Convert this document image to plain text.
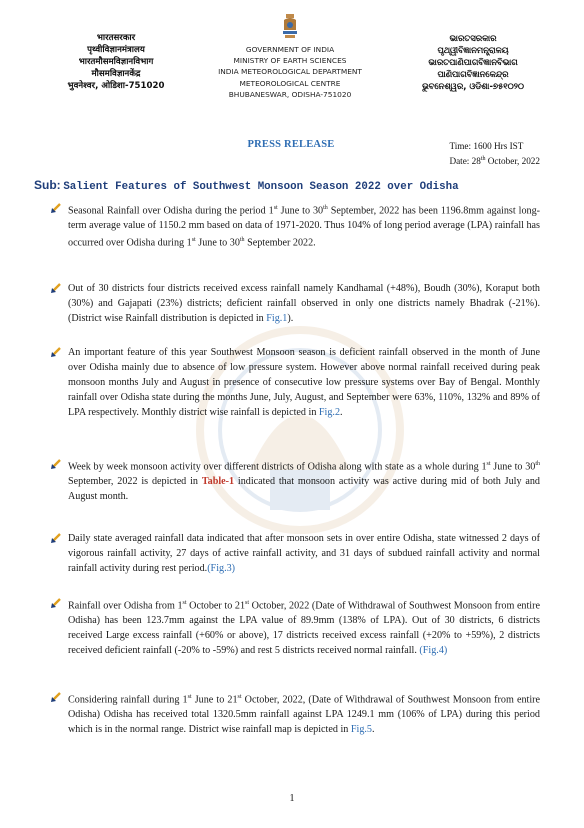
भारतसरकार
पृथ्वीविज्ञानमंत्रालय
भारतमौसमविज्ञानविभाग
मौसमविज्ञानकेंद्र
भुवनेश्वर, ओडिशा-751020
GOVERNMENT OF INDIA
MINISTRY OF EARTH SCIENCES
INDIA METEOROLOGICAL DEPARTMENT
METEOROLOGICAL CENTRE
BHUBANESWAR, ODISHA-751020
ଭାରତସରକାର
ପୃଥ୍ୱୀବିଜ୍ଞାନମନ୍ତ୍ରାଳୟ
ଭାରତପାଣିପାଗବିଜ୍ଞାନବିଭାଗ
ପାଣିପାଗବିଜ୍ଞାନକେନ୍ଦ୍ର
ଭୁବନେଶ୍ୱର, ଓଡିଶା-୭୫୧୦୨୦
PRESS RELEASE	Time: 1600 Hrs IST
Date: 28th October, 2022
Sub: Salient Features of Southwest Monsoon Season 2022 over Odisha
Seasonal Rainfall over Odisha during the period 1st June to 30th September, 2022 has been 1196.8mm against long-term average value of 1150.2 mm based on data of 1971-2020. Thus 104% of long period average (LPA) rainfall has occurred over Odisha during 1st June to 30th September 2022.
Out of 30 districts four districts received excess rainfall namely Kandhamal (+48%), Boudh (30%), Koraput both (30%) and Gajapati (23%) districts; deficient rainfall observed in only one districts namely Bhadrak (-21%). (District wise Rainfall distribution is depicted in Fig.1).
An important feature of this year Southwest Monsoon season is deficient rainfall observed in the month of June over Odisha mainly due to absence of low pressure system. However above normal rainfall received during peak monsoon months July and August in presence of consecutive low pressure systems over Bay of Bengal. Monthly rainfall over Odisha state during the months June, July, August, and September were 63%, 110%, 132% and 89% of LPA respectively. Monthly district wise rainfall is depicted in Fig.2.
Week by week monsoon activity over different districts of Odisha along with state as a whole during 1st June to 30th September, 2022 is depicted in Table-1 indicated that monsoon activity was active during mid of both July and August month.
Daily state averaged rainfall data indicated that after monsoon sets in over entire Odisha, state witnessed 2 days of vigorous rainfall activity, 27 days of active rainfall activity, and 31 days of subdued rainfall activity and normal rainfall activity during rest period.(Fig.3)
Rainfall over Odisha from 1st October to 21st October, 2022 (Date of Withdrawal of Southwest Monsoon from entire Odisha) has been 123.7mm against the LPA value of 89.9mm (138% of LPA). Out of 30 districts, 6 districts received Large excess rainfall (+60% or above), 17 districts received excess rainfall (+20% to +59%), 2 districts received deficient rainfall (-20% to -59%) and rest 5 districts received normal rainfall. (Fig.4)
Considering rainfall during 1st June to 21st October, 2022, (Date of Withdrawal of Southwest Monsoon from entire Odisha) Odisha has received total 1320.5mm rainfall against LPA 1249.1 mm (106% of LPA) during this period which is in the normal range. District wise rainfall map is depicted in Fig.5.
1
